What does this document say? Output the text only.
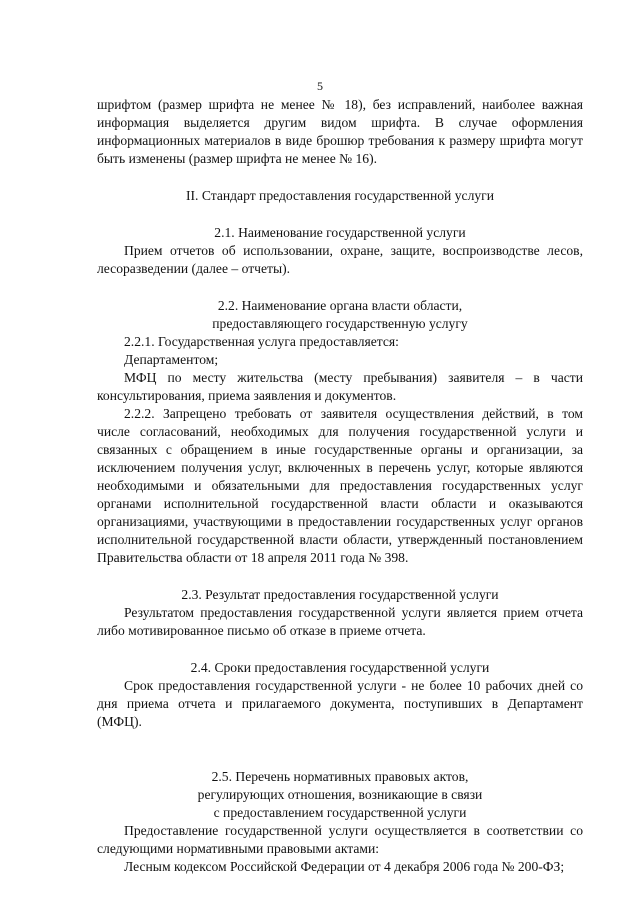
5

шрифтом (размер шрифта не менее № 18), без исправлений, наиболее важная

информация выделяется другим видом шрифта. В случае оформления

информационных материалов в виде брошюр требования к размеру шрифта могут

быть изменены (размер шрифта не менее № 16).

II. Стандарт предоставления государственной услуги

2.1. Наименование государственной услуги

Прием отчетов об использовании, охране, защите, воспроизводстве лесов,

лесоразведении (далее – отчеты).

2.2. Наименование органа власти области,

предоставляющего государственную услугу

2.2.1. Государственная услуга предоставляется:

Департаментом;

МФЦ по месту жительства (месту пребывания) заявителя – в части

консультирования, приема заявления и документов.

2.2.2. Запрещено требовать от заявителя осуществления действий, в том

числе согласований, необходимых для получения государственной услуги и

связанных с обращением в иные государственные органы и организации, за

исключением получения услуг, включенных в перечень услуг, которые являются

необходимыми и обязательными для предоставления государственных услуг

органами исполнительной государственной власти области и оказываются

организациями, участвующими в предоставлении государственных услуг органов

исполнительной государственной власти области, утвержденный постановлением

Правительства области от 18 апреля 2011 года № 398.

2.3. Результат предоставления государственной услуги

Результатом предоставления государственной услуги является прием отчета

либо мотивированное письмо об отказе в приеме отчета.

2.4. Сроки предоставления государственной услуги

Срок предоставления государственной услуги - не более 10 рабочих дней со

дня приема отчета и прилагаемого документа, поступивших в Департамент

(МФЦ).

2.5. Перечень нормативных правовых актов,

регулирующих отношения, возникающие в связи

с предоставлением государственной услуги

Предоставление государственной услуги осуществляется в соответствии со

следующими нормативными правовыми актами:

Лесным кодексом Российской Федерации от 4 декабря 2006 года № 200-ФЗ;
